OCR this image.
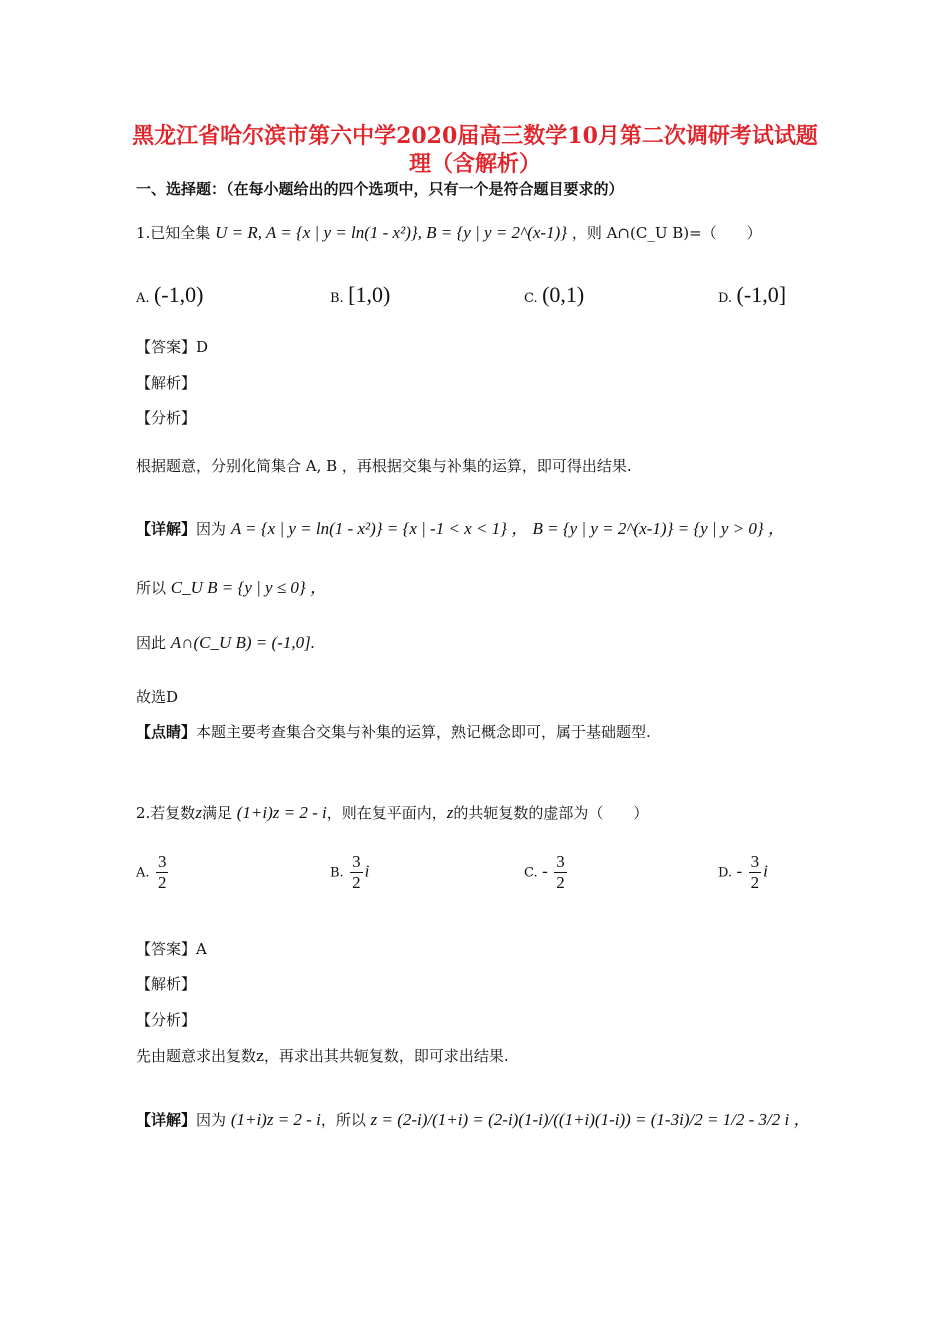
黑龙江省哈尔滨市第六中学2020届高三数学10月第二次调研考试试题 理（含解析）
一、选择题：（在每小题给出的四个选项中，只有一个是符合题目要求的）
1.已知全集 U = R, A = {x | y = ln(1 - x²)}, B = {y | y = 2^(x-1)} ，则 A∩(C_U B)=（　　）
A. (-1,0)	B. [1,0)	C. (0,1)	D. (-1,0]
【答案】D
【解析】
【分析】
根据题意，分别化简集合 A, B ，再根据交集与补集的运算，即可得出结果.
【详解】因为 A = {x | y = ln(1 - x²)} = {x | -1 < x < 1} ， B = {y | y = 2^(x-1)} = {y | y > 0} ，
所以 C_U B = {y | y ≤ 0} ，
因此 A∩(C_U B) = (-1,0].
故选D
【点睛】本题主要考查集合交集与补集的运算，熟记概念即可，属于基础题型.
2.若复数z满足 (1+i)z = 2 - i，则在复平面内，z的共轭复数的虚部为（　　）
A. $\frac{3}{2}$	B. $\frac{3}{2}$ i	C. - $\frac{3}{2}$	D. - $\frac{3}{2}$ i
【答案】A
【解析】
【分析】
先由题意求出复数z，再求出其共轭复数，即可求出结果.
【详解】因为 (1+i)z = 2 - i，所以 z = (2-i)/(1+i) = (2-i)(1-i)/((1+i)(1-i)) = (1-3i)/2 = 1/2 - 3/2 i ，
